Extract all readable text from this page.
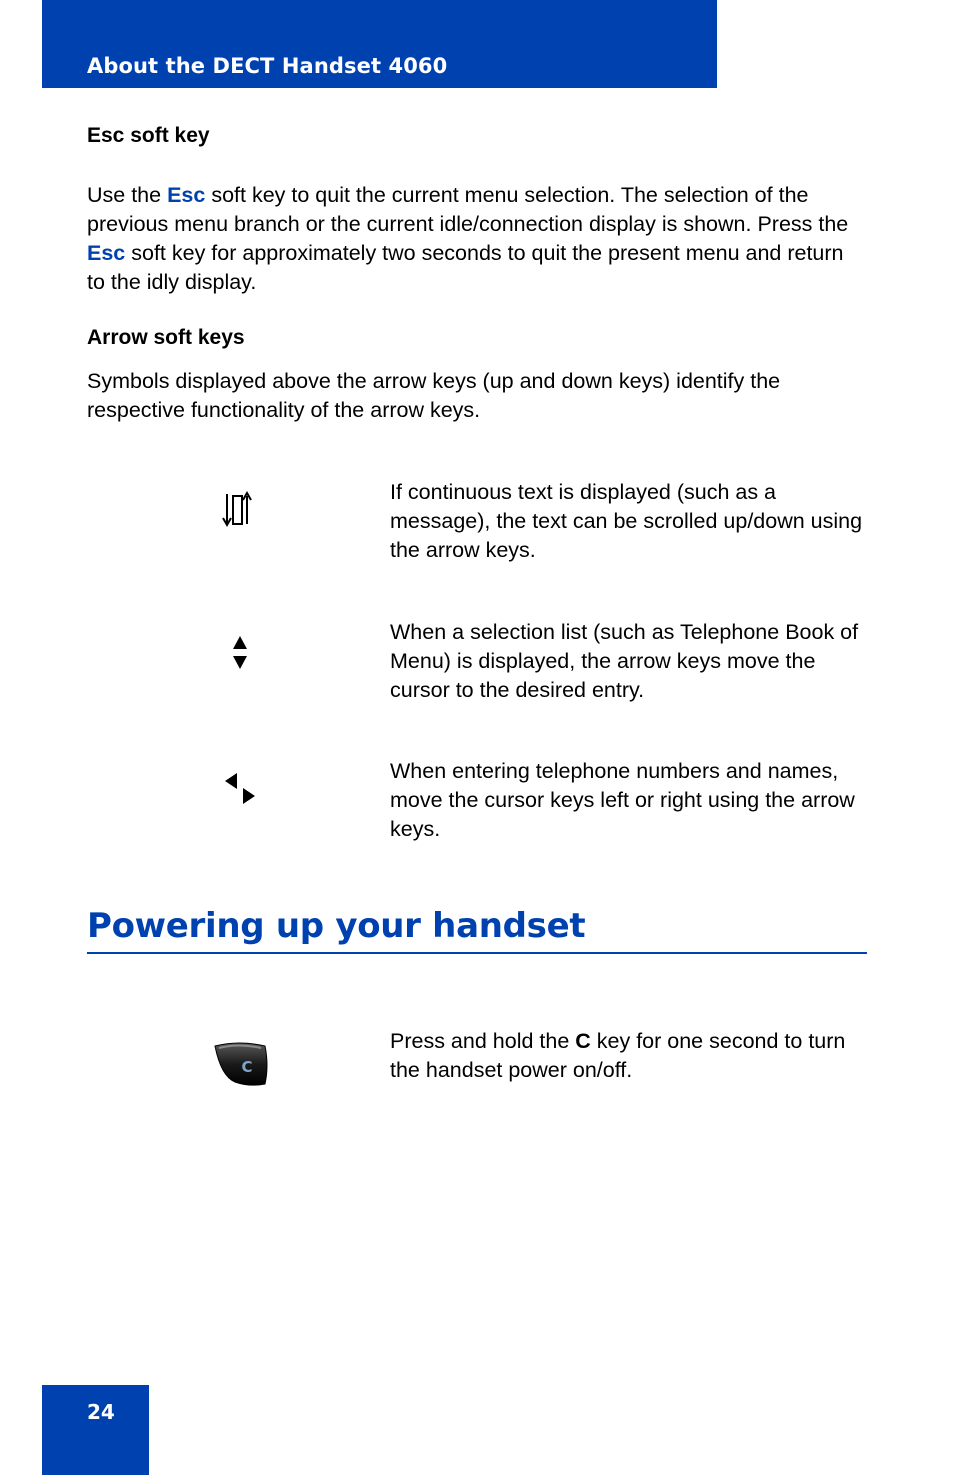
About the DECT Handset 4060
Esc soft key

Use the Esc soft key to quit the current menu selection. The selection of the previous menu branch or the current idle/connection display is shown. Press the Esc soft key for approximately two seconds to quit the present menu and return to the idly display.

Arrow soft keys

Symbols displayed above the arrow keys (up and down keys) identify the respective functionality of the arrow keys.

If continuous text is displayed (such as a message), the text can be scrolled up/down using the arrow keys.
When a selection list (such as Telephone Book of Menu) is displayed, the arrow keys move the cursor to the desired entry.
When entering telephone numbers and names, move the cursor keys left or right using the arrow keys.
Powering up your handset
C
Press and hold the C key for one second to turn the handset power on/off.
24
